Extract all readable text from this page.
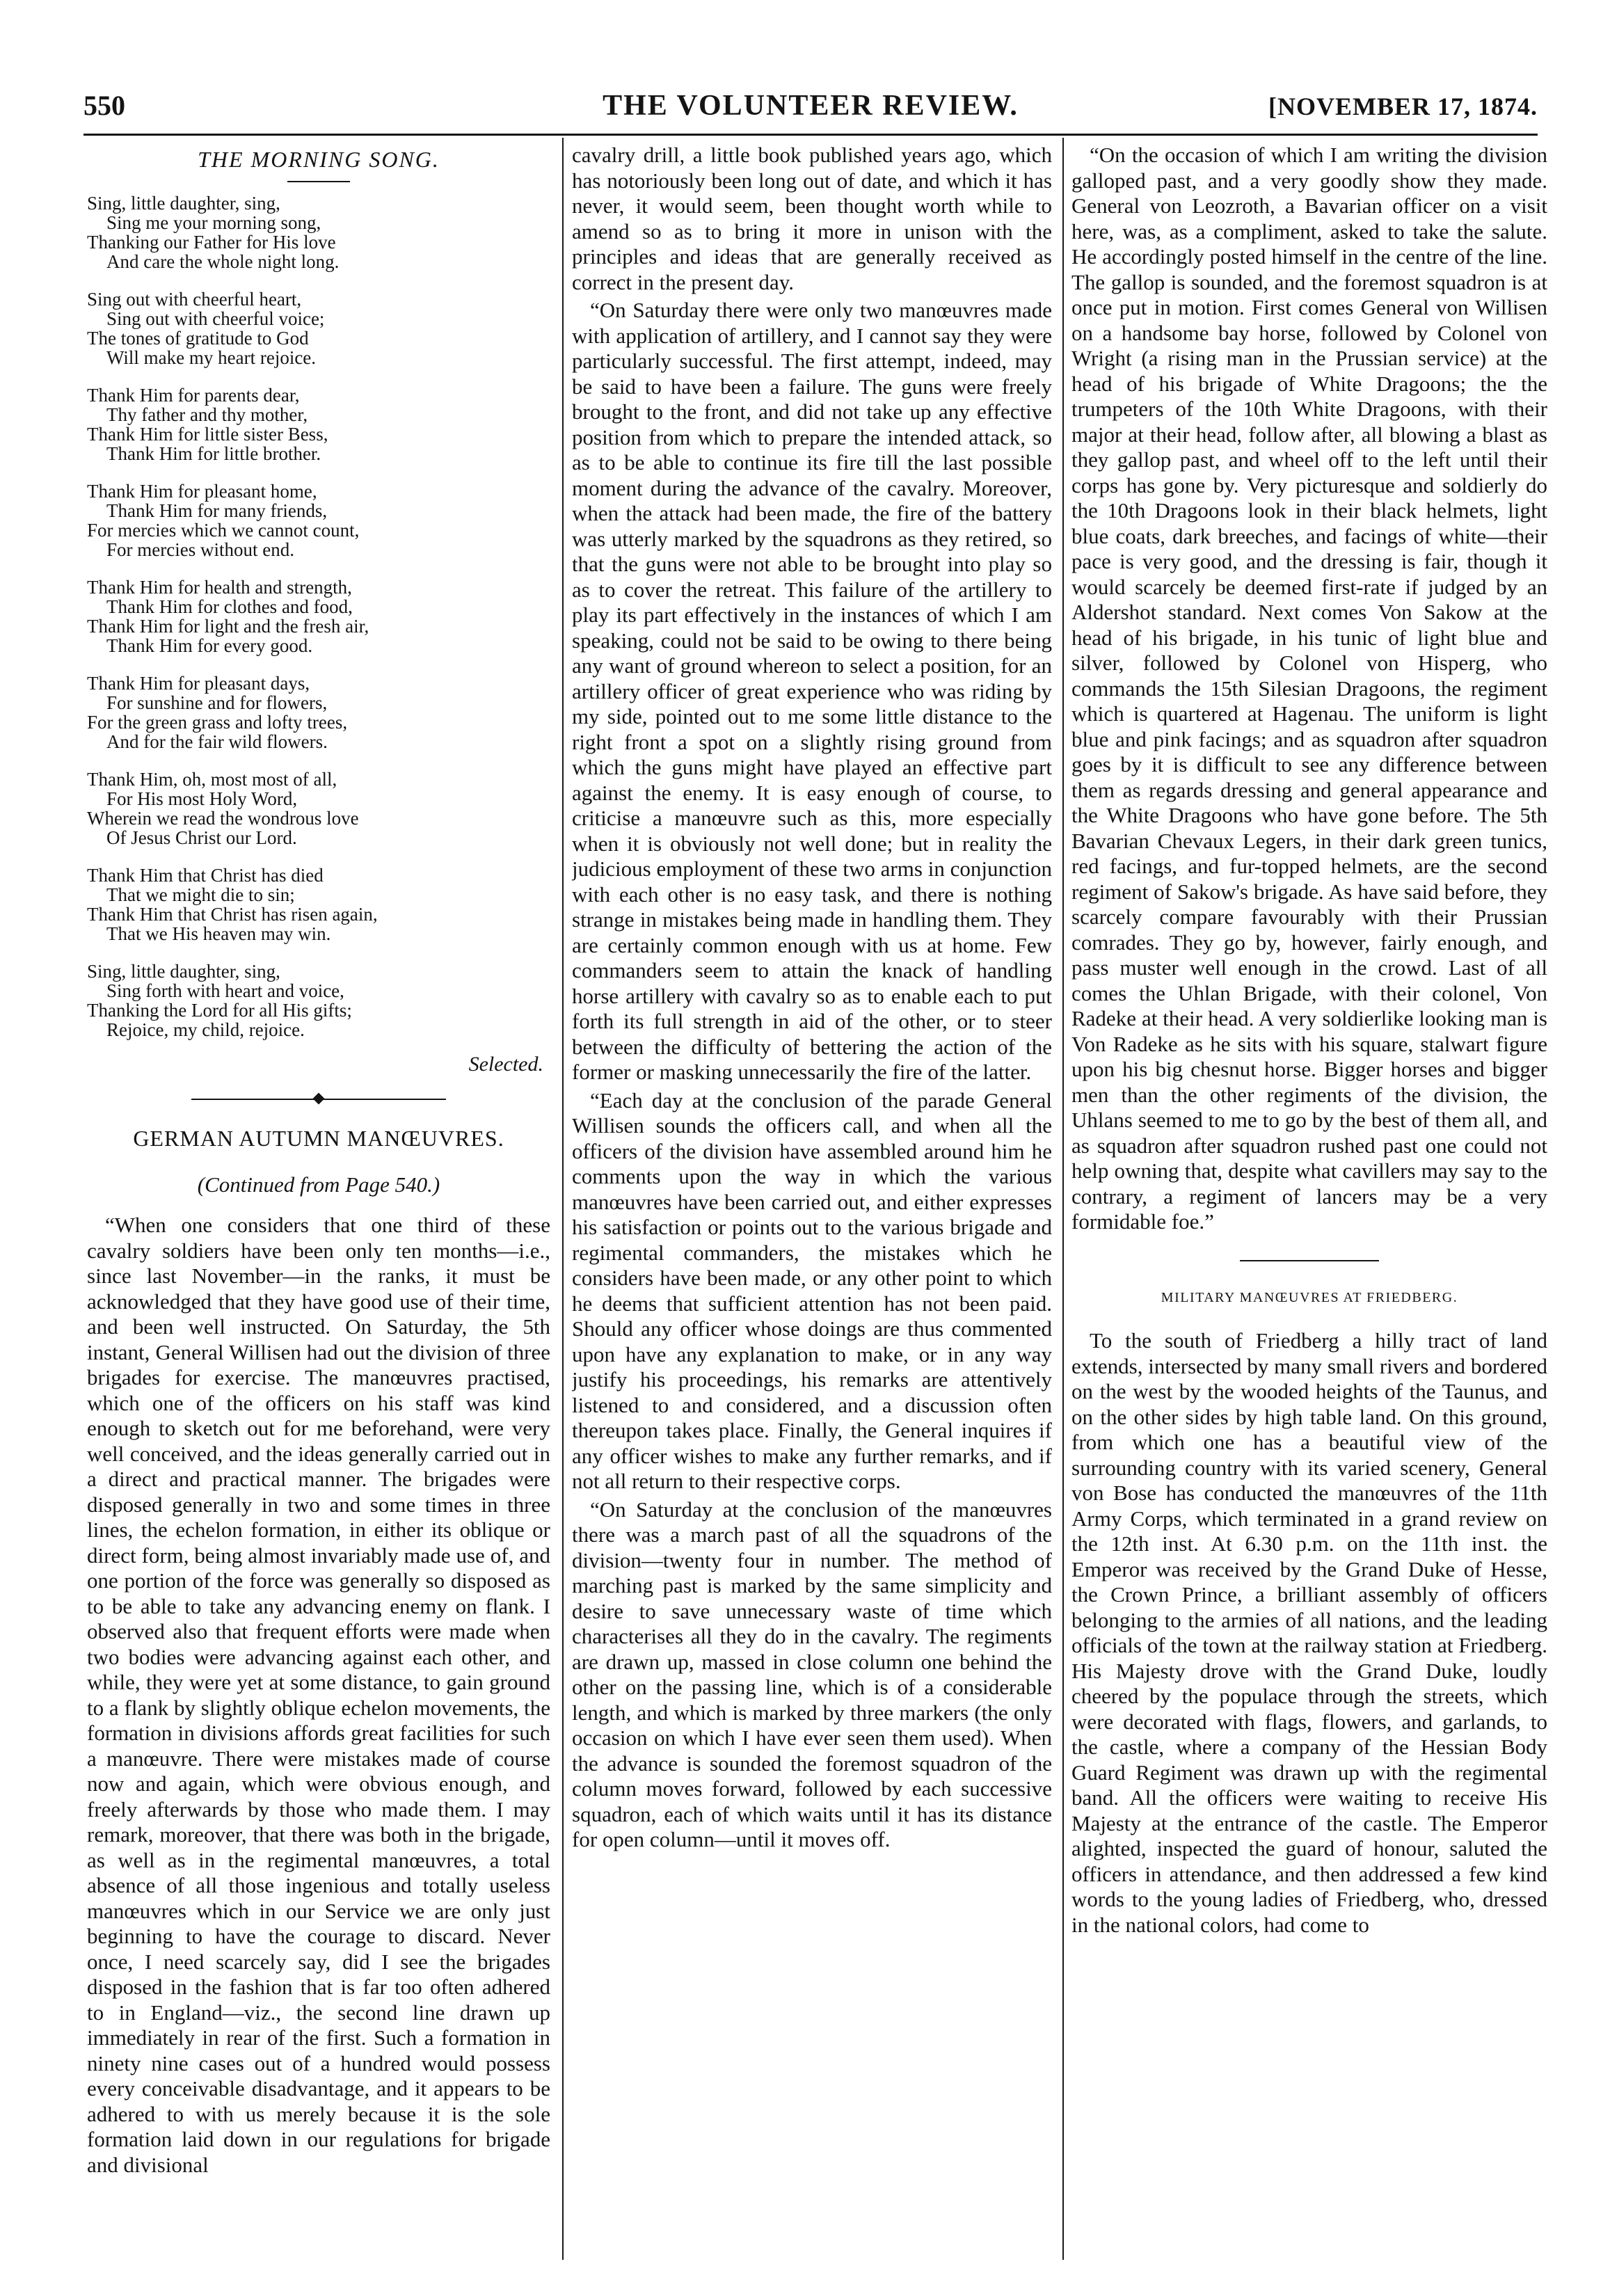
550	THE VOLUNTEER REVIEW.	[NOVEMBER 17, 1874.
THE MORNING SONG.
Sing, little daughter, sing,
Sing me your morning song,
Thanking our Father for His love
And care the whole night long.
Sing out with cheerful heart,
Sing out with cheerful voice;
The tones of gratitude to God
Will make my heart rejoice.
Thank Him for parents dear,
Thy father and thy mother,
Thank Him for little sister Bess,
Thank Him for little brother.
Thank Him for pleasant home,
Thank Him for many friends,
For mercies which we cannot count,
For mercies without end.
Thank Him for health and strength,
Thank Him for clothes and food,
Thank Him for light and the fresh air,
Thank Him for every good.
Thank Him for pleasant days,
For sunshine and for flowers,
For the green grass and lofty trees,
And for the fair wild flowers.
Thank Him, oh, most most of all,
For His most Holy Word,
Wherein we read the wondrous love
Of Jesus Christ our Lord.
Thank Him that Christ has died
That we might die to sin;
Thank Him that Christ has risen again,
That we His heaven may win.
Sing, little daughter, sing,
Sing forth with heart and voice,
Thanking the Lord for all His gifts;
Rejoice, my child, rejoice.
Selected.
GERMAN AUTUMN MANŒUVRES.
(Continued from Page 540.)

“When one considers that one third of these cavalry soldiers have been only ten months—i.e., since last November—in the ranks, it must be acknowledged that they have good use of their time, and been well instructed. On Saturday, the 5th instant, General Willisen had out the division of three brigades for exercise. The manœuvres practised, which one of the officers on his staff was kind enough to sketch out for me beforehand, were very well conceived, and the ideas generally carried out in a direct and practical manner. The brigades were disposed generally in two and some times in three lines, the echelon formation, in either its oblique or direct form, being almost invariably made use of, and one portion of the force was generally so disposed as to be able to take any advancing enemy on flank. I observed also that frequent efforts were made when two bodies were advancing against each other, and while, they were yet at some distance, to gain ground to a flank by slightly oblique echelon movements, the formation in divisions affords great facilities for such a manœuvre. There were mistakes made of course now and again, which were obvious enough, and freely afterwards by those who made them. I may remark, moreover, that there was both in the brigade, as well as in the regimental manœuvres, a total absence of all those ingenious and totally useless manœuvres which in our Service we are only just beginning to have the courage to discard. Never once, I need scarcely say, did I see the brigades disposed in the fashion that is far too often adhered to in England—viz., the second line drawn up immediately in rear of the first. Such a formation in ninety nine cases out of a hundred would possess every conceivable disadvantage, and it appears to be adhered to with us merely because it is the sole formation laid down in our regulations for brigade and divisional

cavalry drill, a little book published years ago, which has notoriously been long out of date, and which it has never, it would seem, been thought worth while to amend so as to bring it more in unison with the principles and ideas that are generally received as correct in the present day.

“On Saturday there were only two manœuvres made with application of artillery, and I cannot say they were particularly successful. The first attempt, indeed, may be said to have been a failure. The guns were freely brought to the front, and did not take up any effective position from which to prepare the intended attack, so as to be able to continue its fire till the last possible moment during the advance of the cavalry. Moreover, when the attack had been made, the fire of the battery was utterly marked by the squadrons as they retired, so that the guns were not able to be brought into play so as to cover the retreat. This failure of the artillery to play its part effectively in the instances of which I am speaking, could not be said to be owing to there being any want of ground whereon to select a position, for an artillery officer of great experience who was riding by my side, pointed out to me some little distance to the right front a spot on a slightly rising ground from which the guns might have played an effective part against the enemy. It is easy enough of course, to criticise a manœuvre such as this, more especially when it is obviously not well done; but in reality the judicious employment of these two arms in conjunction with each other is no easy task, and there is nothing strange in mistakes being made in handling them. They are certainly common enough with us at home. Few commanders seem to attain the knack of handling horse artillery with cavalry so as to enable each to put forth its full strength in aid of the other, or to steer between the difficulty of bettering the action of the former or masking unnecessarily the fire of the latter.

“Each day at the conclusion of the parade General Willisen sounds the officers call, and when all the officers of the division have assembled around him he comments upon the way in which the various manœuvres have been carried out, and either expresses his satisfaction or points out to the various brigade and regimental commanders, the mistakes which he considers have been made, or any other point to which he deems that sufficient attention has not been paid. Should any officer whose doings are thus commented upon have any explanation to make, or in any way justify his proceedings, his remarks are attentively listened to and considered, and a discussion often thereupon takes place. Finally, the General inquires if any officer wishes to make any further remarks, and if not all return to their respective corps.

“On Saturday at the conclusion of the manœuvres there was a march past of all the squadrons of the division—twenty four in number. The method of marching past is marked by the same simplicity and desire to save unnecessary waste of time which characterises all they do in the cavalry. The regiments are drawn up, massed in close column one behind the other on the passing line, which is of a considerable length, and which is marked by three markers (the only occasion on which I have ever seen them used). When the advance is sounded the foremost squadron of the column moves forward, followed by each successive squadron, each of which waits until it has its distance for open column—until it moves off.

“On the occasion of which I am writing the division galloped past, and a very goodly show they made. General von Leozroth, a Bavarian officer on a visit here, was, as a compliment, asked to take the salute. He accordingly posted himself in the centre of the line. The gallop is sounded, and the foremost squadron is at once put in motion. First comes General von Willisen on a handsome bay horse, followed by Colonel von Wright (a rising man in the Prussian service) at the head of his brigade of White Dragoons; the the trumpeters of the 10th White Dragoons, with their major at their head, follow after, all blowing a blast as they gallop past, and wheel off to the left until their corps has gone by. Very picturesque and soldierly do the 10th Dragoons look in their black helmets, light blue coats, dark breeches, and facings of white—their pace is very good, and the dressing is fair, though it would scarcely be deemed first-rate if judged by an Aldershot standard. Next comes Von Sakow at the head of his brigade, in his tunic of light blue and silver, followed by Colonel von Hisperg, who commands the 15th Silesian Dragoons, the regiment which is quartered at Hagenau. The uniform is light blue and pink facings; and as squadron after squadron goes by it is difficult to see any difference between them as regards dressing and general appearance and the White Dragoons who have gone before. The 5th Bavarian Chevaux Legers, in their dark green tunics, red facings, and fur-topped helmets, are the second regiment of Sakow's brigade. As have said before, they scarcely compare favourably with their Prussian comrades. They go by, however, fairly enough, and pass muster well enough in the crowd. Last of all comes the Uhlan Brigade, with their colonel, Von Radeke at their head. A very soldierlike looking man is Von Radeke as he sits with his square, stalwart figure upon his big chesnut horse. Bigger horses and bigger men than the other regiments of the division, the Uhlans seemed to me to go by the best of them all, and as squadron after squadron rushed past one could not help owning that, despite what cavillers may say to the contrary, a regiment of lancers may be a very formidable foe.”

MILITARY MANŒUVRES AT FRIEDBERG.

To the south of Friedberg a hilly tract of land extends, intersected by many small rivers and bordered on the west by the wooded heights of the Taunus, and on the other sides by high table land. On this ground, from which one has a beautiful view of the surrounding country with its varied scenery, General von Bose has conducted the manœuvres of the 11th Army Corps, which terminated in a grand review on the 12th inst. At 6.30 p.m. on the 11th inst. the Emperor was received by the Grand Duke of Hesse, the Crown Prince, a brilliant assembly of officers belonging to the armies of all nations, and the leading officials of the town at the railway station at Friedberg. His Majesty drove with the Grand Duke, loudly cheered by the populace through the streets, which were decorated with flags, flowers, and garlands, to the castle, where a company of the Hessian Body Guard Regiment was drawn up with the regimental band. All the officers were waiting to receive His Majesty at the entrance of the castle. The Emperor alighted, inspected the guard of honour, saluted the officers in attendance, and then addressed a few kind words to the young ladies of Friedberg, who, dressed in the national colors, had come to
